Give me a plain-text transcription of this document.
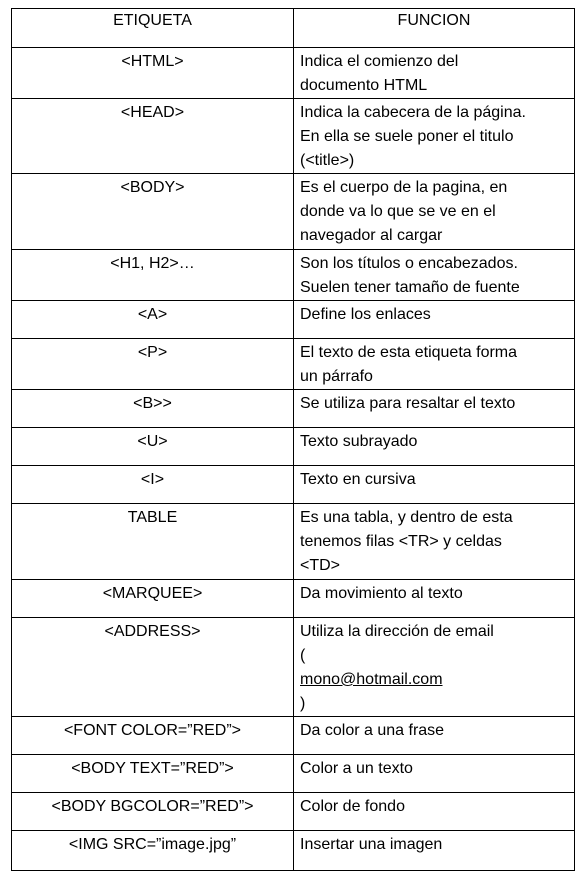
ETIQUETA	FUNCION

<HTML>	Indica el comienzo del
documento HTML

<HEAD>	Indica la cabecera de la página.
En ella se suele poner el titulo
(<title>)

<BODY>	Es el cuerpo de la pagina, en
donde va lo que se ve en el
navegador al cargar

<H1, H2>…	Son los títulos o encabezados.
Suelen tener tamaño de fuente

<A>	Define los enlaces

<P>	El texto de esta etiqueta forma
un párrafo

<B>>	Se utiliza para resaltar el texto

<U>	Texto subrayado

<I>	Texto en cursiva

TABLE	Es una tabla, y dentro de esta
tenemos filas <TR> y celdas
<TD>

<MARQUEE>	Da movimiento al texto

<ADDRESS>	Utiliza la dirección de email
(
mono@hotmail.com
)

<FONT COLOR=”RED”>	Da color a una frase

<BODY TEXT=”RED”>	Color a un texto

<BODY BGCOLOR=”RED”>	Color de fondo

<IMG SRC=”image.jpg”	Insertar una imagen
